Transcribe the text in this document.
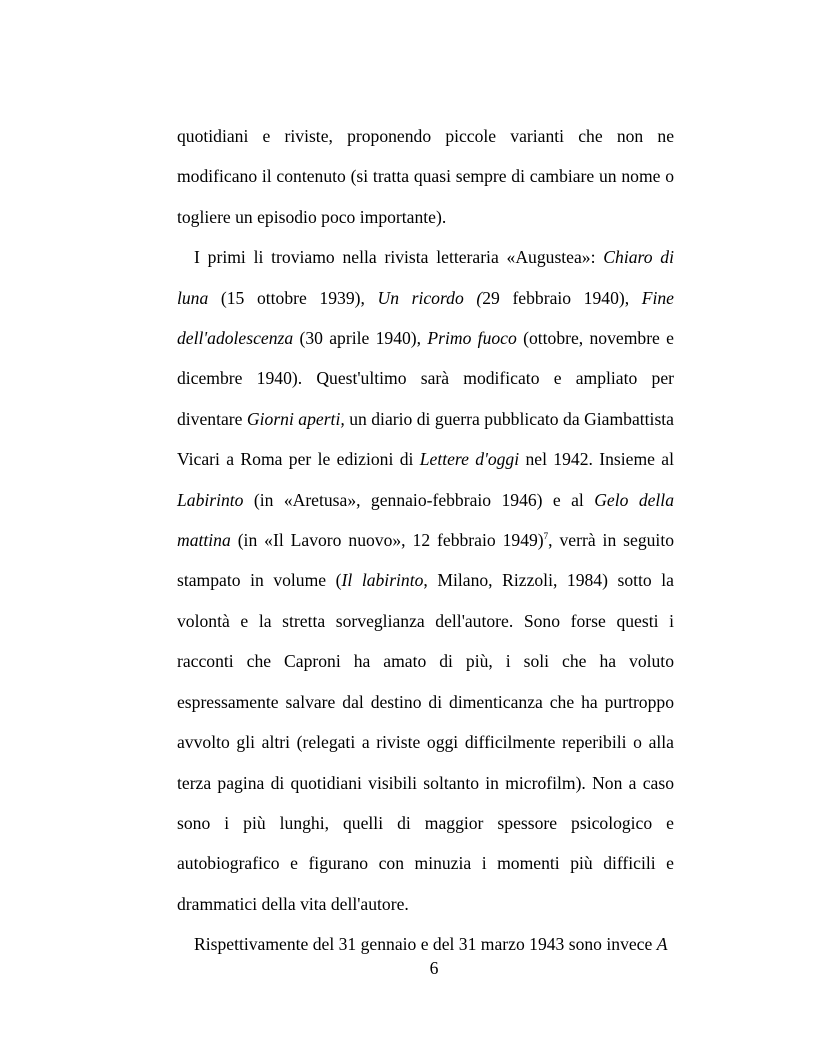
quotidiani e riviste, proponendo piccole varianti che non ne modificano il contenuto (si tratta quasi sempre di cambiare un nome o togliere un episodio poco importante).

I primi li troviamo nella rivista letteraria «Augustea»: Chiaro di luna (15 ottobre 1939), Un ricordo (29 febbraio 1940), Fine dell'adolescenza (30 aprile 1940), Primo fuoco (ottobre, novembre e dicembre 1940). Quest'ultimo sarà modificato e ampliato per diventare Giorni aperti, un diario di guerra pubblicato da Giambattista Vicari a Roma per le edizioni di Lettere d'oggi nel 1942. Insieme al Labirinto (in «Aretusa», gennaio-febbraio 1946) e al Gelo della mattina (in «Il Lavoro nuovo», 12 febbraio 1949)$^7$, verrà in seguito stampato in volume (Il labirinto, Milano, Rizzoli, 1984) sotto la volontà e la stretta sorveglianza dell'autore. Sono forse questi i racconti che Caproni ha amato di più, i soli che ha voluto espressamente salvare dal destino di dimenticanza che ha purtroppo avvolto gli altri (relegati a riviste oggi difficilmente reperibili o alla terza pagina di quotidiani visibili soltanto in microfilm). Non a caso sono i più lunghi, quelli di maggior spessore psicologico e autobiografico e figurano con minuzia i momenti più difficili e drammatici della vita dell'autore.

Rispettivamente del 31 gennaio e del 31 marzo 1943 sono invece A

6
